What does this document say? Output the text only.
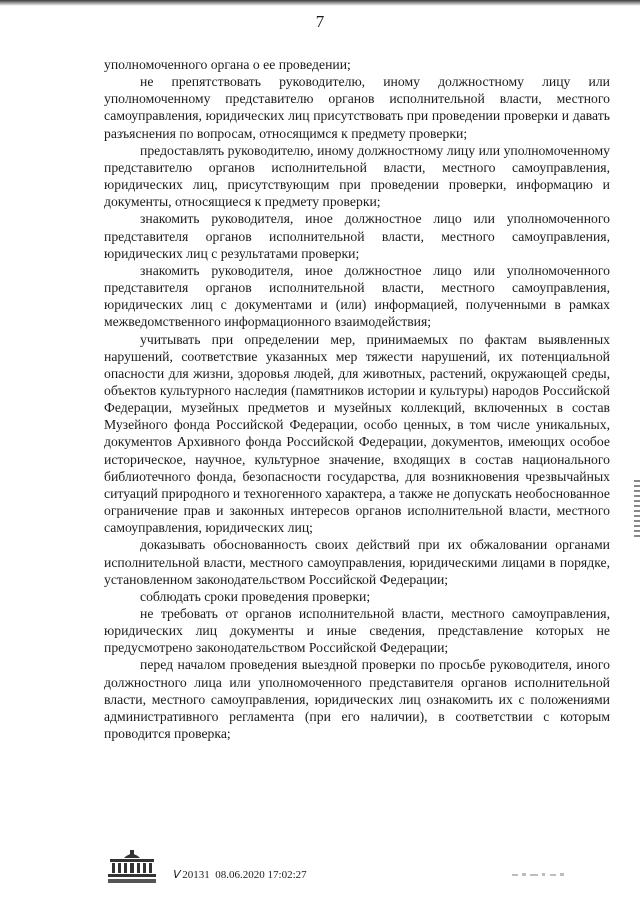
7

уполномоченного органа о ее проведении;

не препятствовать руководителю, иному должностному лицу или уполномоченному представителю органов исполнительной власти, местного самоуправления, юридических лиц присутствовать при проведении проверки и давать разъяснения по вопросам, относящимся к предмету проверки;

предоставлять руководителю, иному должностному лицу или уполномоченному представителю органов исполнительной власти, местного самоуправления, юридических лиц, присутствующим при проведении проверки, информацию и документы, относящиеся к предмету проверки;

знакомить руководителя, иное должностное лицо или уполномоченного представителя органов исполнительной власти, местного самоуправления, юридических лиц с результатами проверки;

знакомить руководителя, иное должностное лицо или уполномоченного представителя органов исполнительной власти, местного самоуправления, юридических лиц с документами и (или) информацией, полученными в рамках межведомственного информационного взаимодействия;

учитывать при определении мер, принимаемых по фактам выявленных нарушений, соответствие указанных мер тяжести нарушений, их потенциальной опасности для жизни, здоровья людей, для животных, растений, окружающей среды, объектов культурного наследия (памятников истории и культуры) народов Российской Федерации, музейных предметов и музейных коллекций, включенных в состав Музейного фонда Российской Федерации, особо ценных, в том числе уникальных, документов Архивного фонда Российской Федерации, документов, имеющих особое историческое, научное, культурное значение, входящих в состав национального библиотечного фонда, безопасности государства, для возникновения чрезвычайных ситуаций природного и техногенного характера, а также не допускать необоснованное ограничение прав и законных интересов органов исполнительной власти, местного самоуправления, юридических лиц;

доказывать обоснованность своих действий при их обжаловании органами исполнительной власти, местного самоуправления, юридическими лицами в порядке, установленном законодательством Российской Федерации;

соблюдать сроки проведения проверки;

не требовать от органов исполнительной власти, местного самоуправления, юридических лиц документы и иные сведения, представление которых не предусмотрено законодательством Российской Федерации;

перед началом проведения выездной проверки по просьбе руководителя, иного должностного лица или уполномоченного представителя органов исполнительной власти, местного самоуправления, юридических лиц ознакомить их с положениями административного регламента (при его наличии), в соответствии с которым проводится проверка;

Ⅴ 20131 08.06.2020 17:02:27
